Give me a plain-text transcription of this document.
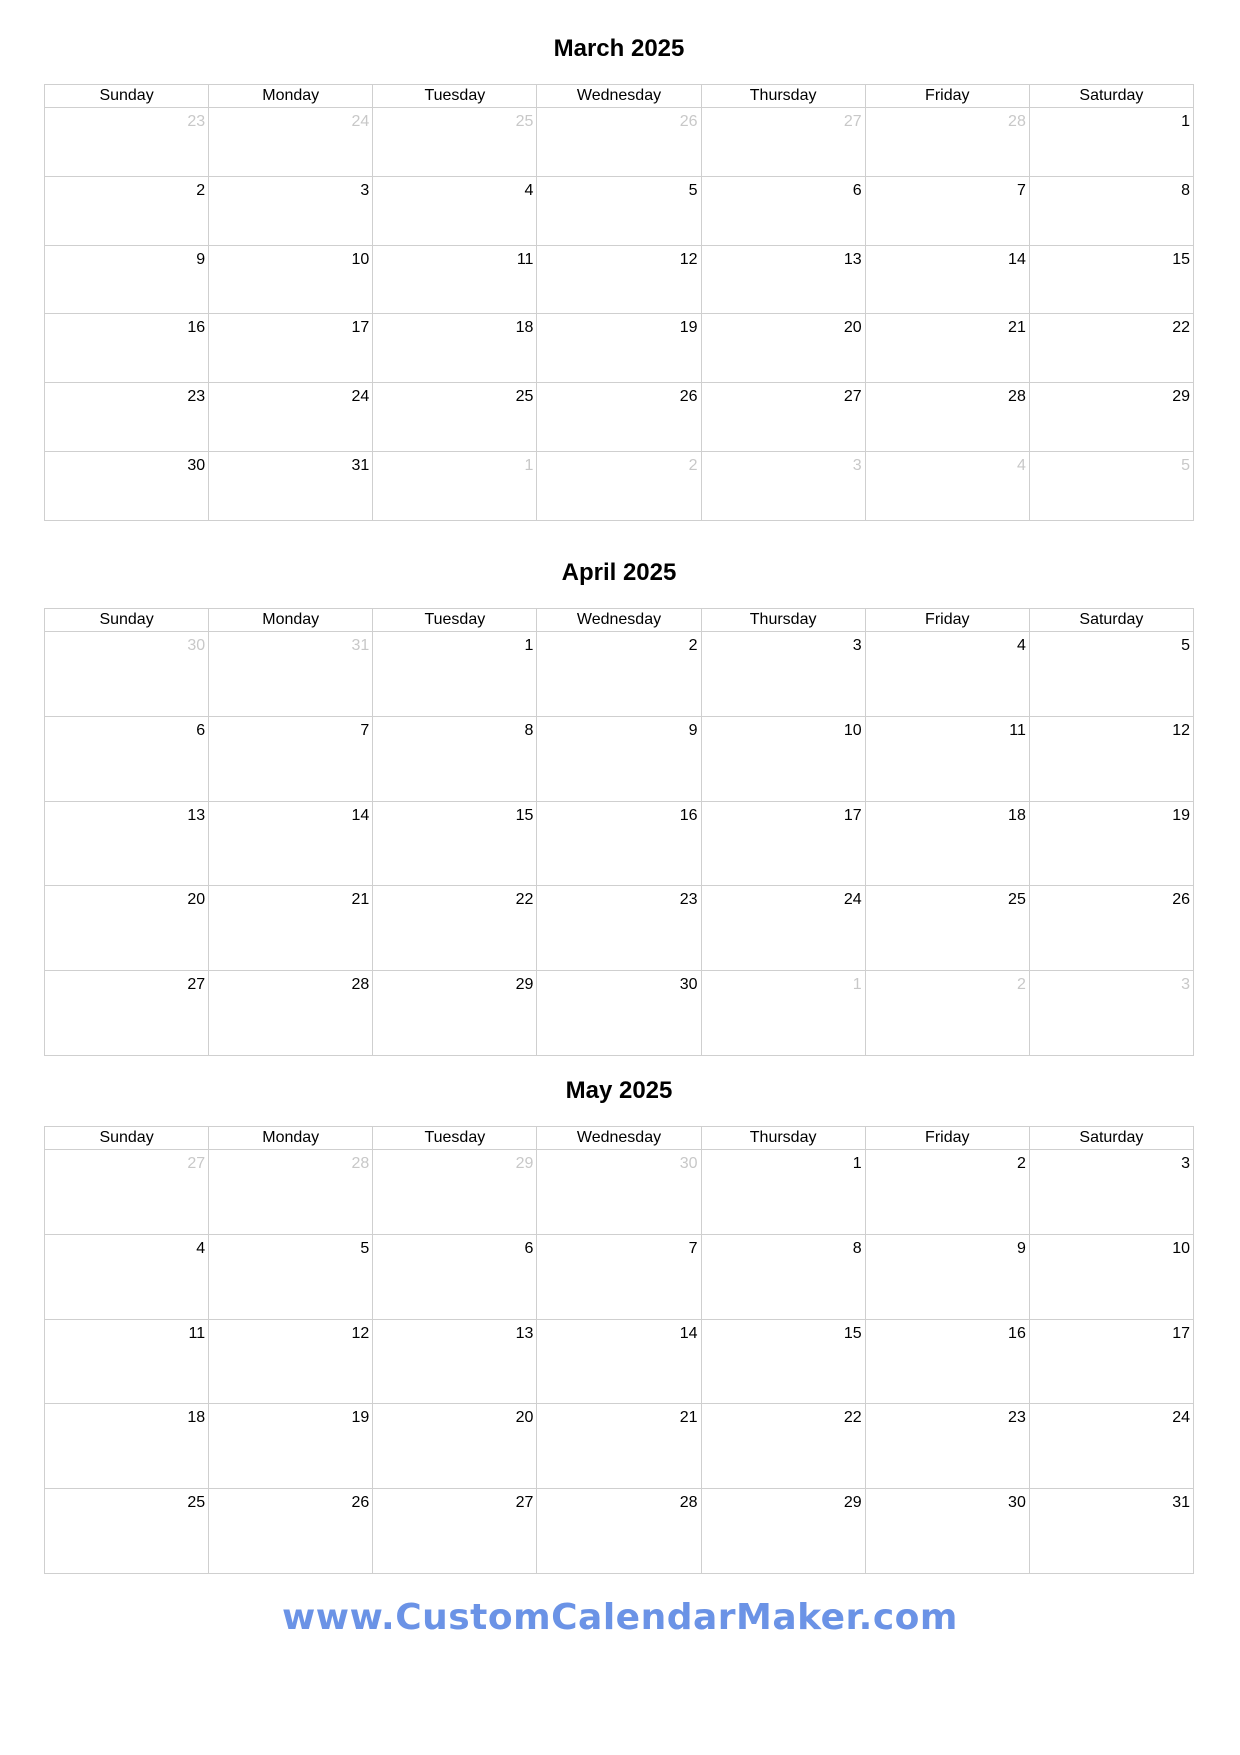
March 2025
Sunday	Monday	Tuesday	Wednesday	Thursday	Friday	Saturday
23	24	25	26	27	28	1
2	3	4	5	6	7	8
9	10	11	12	13	14	15
16	17	18	19	20	21	22
23	24	25	26	27	28	29
30	31	1	2	3	4	5
April 2025
Sunday	Monday	Tuesday	Wednesday	Thursday	Friday	Saturday
30	31	1	2	3	4	5
6	7	8	9	10	11	12
13	14	15	16	17	18	19
20	21	22	23	24	25	26
27	28	29	30	1	2	3
May 2025
Sunday	Monday	Tuesday	Wednesday	Thursday	Friday	Saturday
27	28	29	30	1	2	3
4	5	6	7	8	9	10
11	12	13	14	15	16	17
18	19	20	21	22	23	24
25	26	27	28	29	30	31
www.CustomCalendarMaker.com
